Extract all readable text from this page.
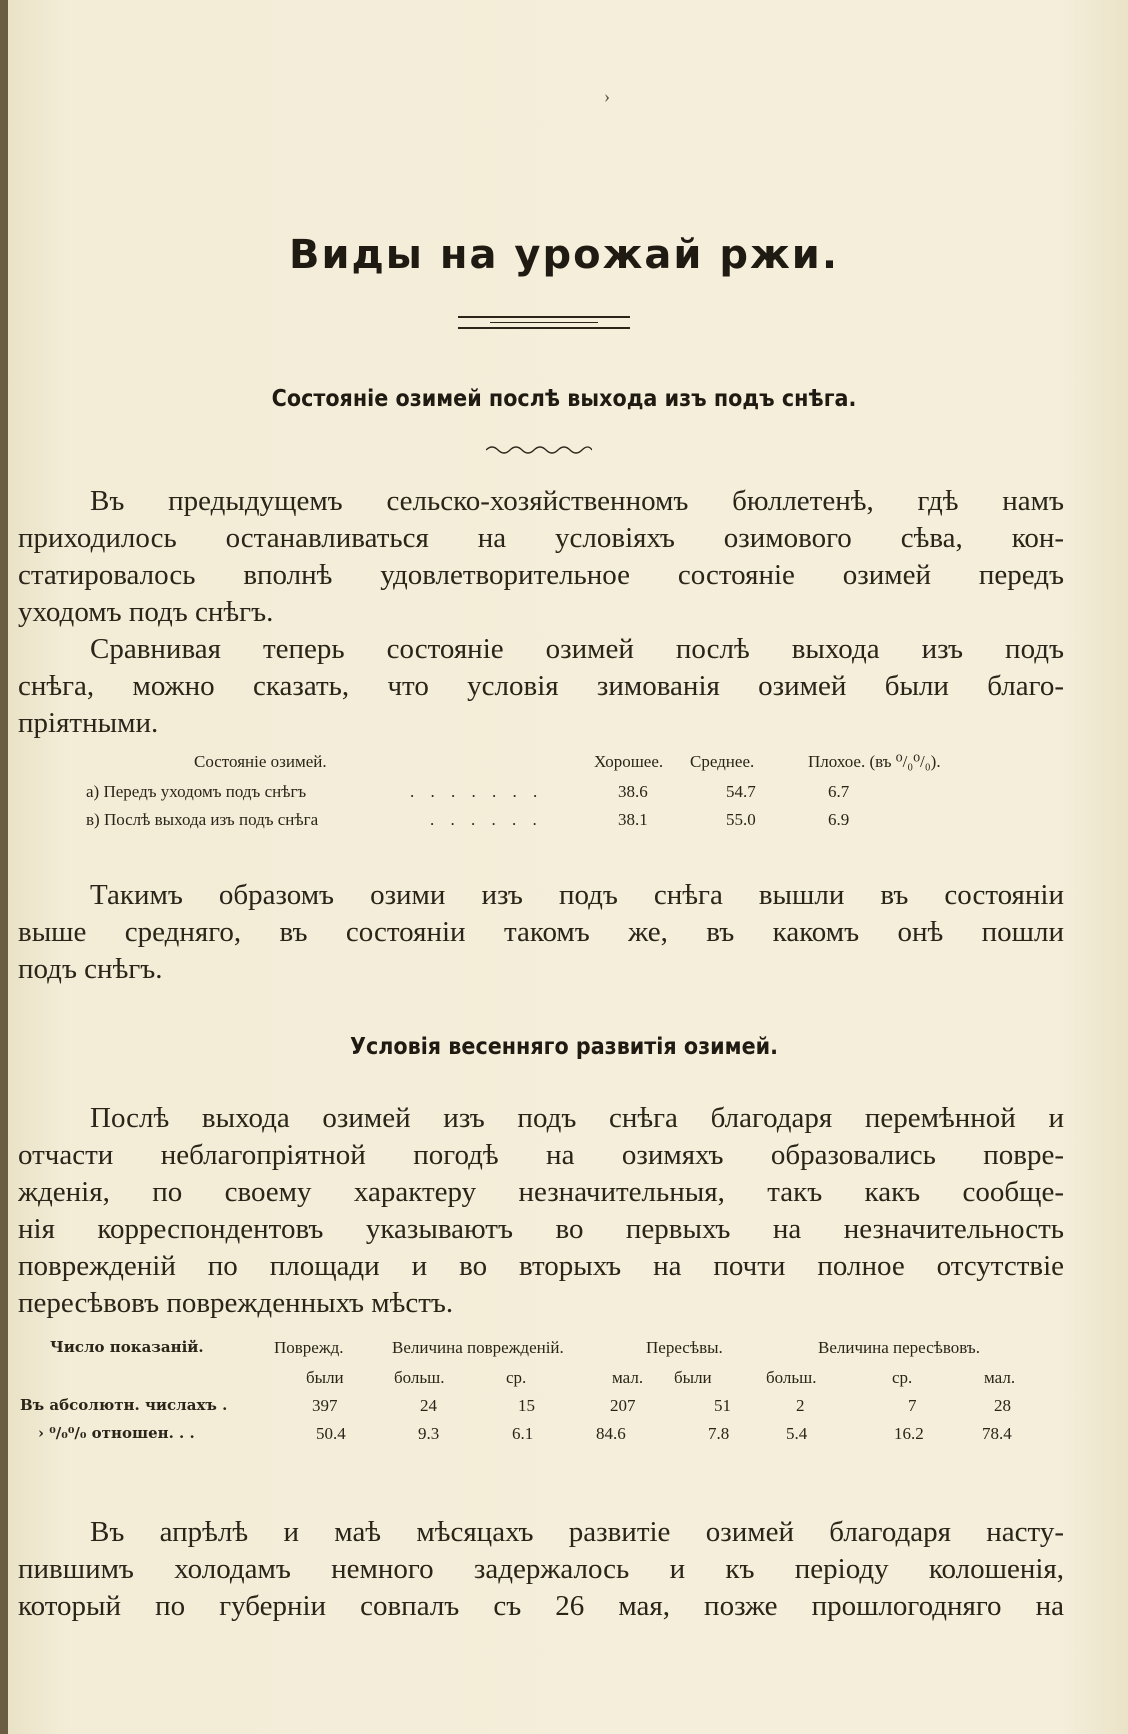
›
Виды на урожай ржи.
Состояніе озимей послѣ выхода изъ подъ снѣга.
Въ предыдущемъ сельско-хозяйственномъ бюллетенѣ, гдѣ намъ
приходилось останавливаться на условіяхъ озимового сѣва, кон-
статировалось вполнѣ удовлетворительное состояніе озимей передъ
уходомъ подъ снѣгъ.
Сравнивая теперь состояніе озимей послѣ выхода изъ подъ
снѣга, можно сказать, что условія зимованія озимей были благо-
пріятными.
Состояніе озимей.	Хорошее. Среднее.	Плохое. (въ ⁰/₀⁰/₀).
а) Передъ уходомъ подъ снѣгъ	. . . . . . .	38.6	54.7	6.7
в) Послѣ выхода изъ подъ снѣга	. . . . . .	38.1	55.0	6.9
Такимъ образомъ озими изъ подъ снѣга вышли въ состояніи
выше средняго, въ состояніи такомъ же, въ какомъ онѣ пошли
подъ снѣгъ.
Условія весенняго развитія озимей.
Послѣ выхода озимей изъ подъ снѣга благодаря перемѣнной и
отчасти неблагопріятной погодѣ на озимяхъ образовались повре-
жденія, по своему характеру незначительныя, такъ какъ сообще-
нія корреспондентовъ указываютъ во первыхъ на незначительность
поврежденій по площади и во вторыхъ на почти полное отсутствіе
пересѣвовъ поврежденныхъ мѣстъ.
Число показаній.	Поврежд.	Величина поврежденій.	Пересѣвы.	Величина пересѣвовъ.
были	больш.	ср.	мал. были	больш.	ср.	мал.
Въ абсолютн. числахъ .	397	24	15	207	51	2	7	28
› ⁰/₀⁰/₀ отношен. . .	50.4	9.3	6.1	84.6	7.8	5.4	16.2	78.4
Въ апрѣлѣ и маѣ мѣсяцахъ развитіе озимей благодаря насту-
пившимъ холодамъ немного задержалось и къ періоду колошенія,
который по губерніи совпалъ съ 26 мая, позже прошлогодняго на
